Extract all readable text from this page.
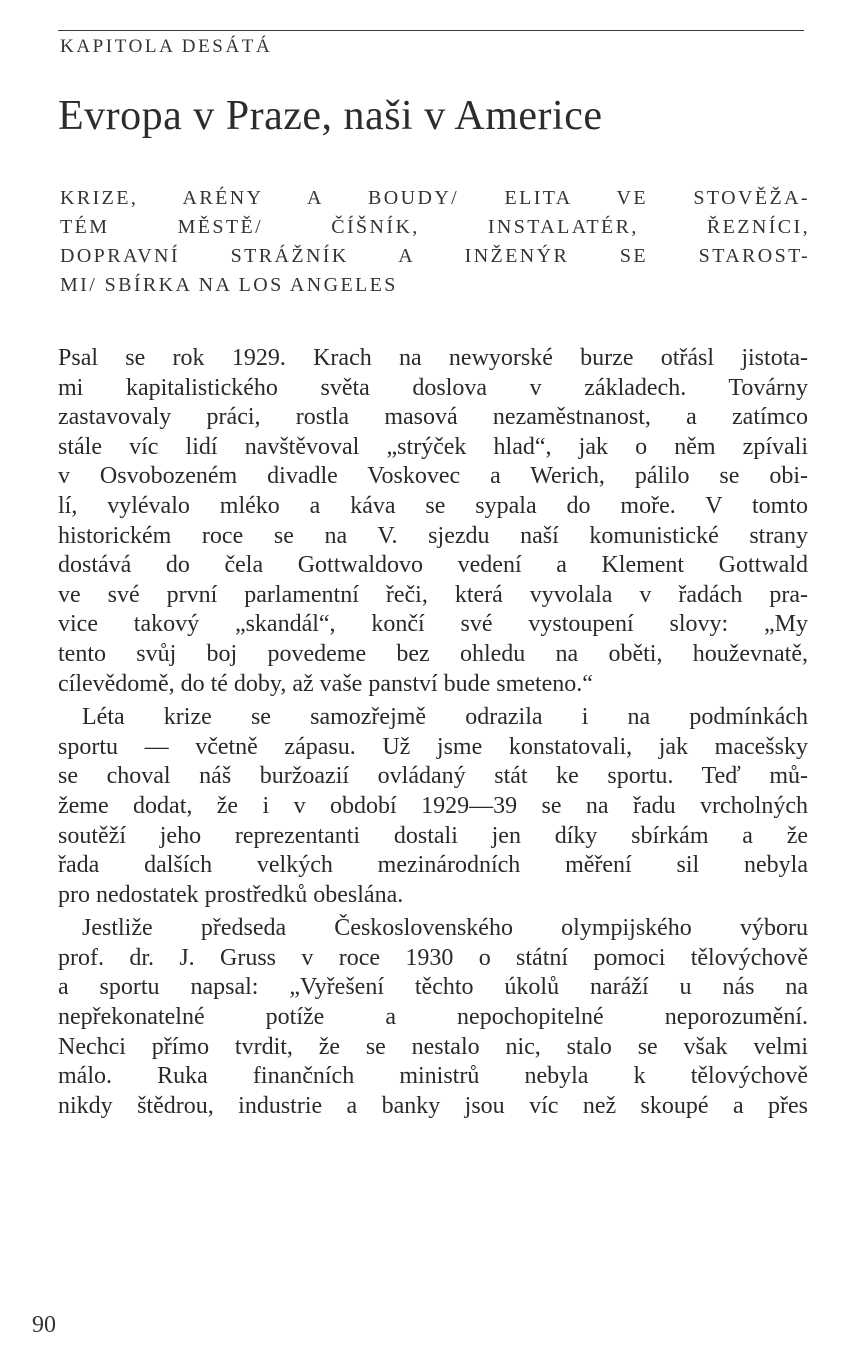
KAPITOLA DESÁTÁ
Evropa v Praze, naši v Americe
KRIZE, ARÉNY A BOUDY/ ELITA VE STOVĚŽA-
TÉM MĚSTĚ/ ČÍŠNÍK, INSTALATÉR, ŘEZNÍCI,
DOPRAVNÍ STRÁŽNÍK A INŽENÝR SE STAROST-
MI/ SBÍRKA NA LOS ANGELES
Psal se rok 1929. Krach na newyorské burze otřásl jistota-
mi kapitalistického světa doslova v základech. Továrny
zastavovaly práci, rostla masová nezaměstnanost, a zatímco
stále víc lidí navštěvoval „strýček hlad“, jak o něm zpívali
v Osvobozeném divadle Voskovec a Werich, pálilo se obi-
lí, vylévalo mléko a káva se sypala do moře. V tomto
historickém roce se na V. sjezdu naší komunistické strany
dostává do čela Gottwaldovo vedení a Klement Gottwald
ve své první parlamentní řeči, která vyvolala v řadách pra-
vice takový „skandál“, končí své vystoupení slovy: „My
tento svůj boj povedeme bez ohledu na oběti, houževnatě,
cílevědomě, do té doby, až vaše panství bude smeteno.“
Léta krize se samozřejmě odrazila i na podmínkách
sportu — včetně zápasu. Už jsme konstatovali, jak macešsky
se choval náš buržoazií ovládaný stát ke sportu. Teď mů-
žeme dodat, že i v období 1929—39 se na řadu vrcholných
soutěží jeho reprezentanti dostali jen díky sbírkám a že
řada dalších velkých mezinárodních měření sil nebyla
pro nedostatek prostředků obeslána.
Jestliže předseda Československého olympijského výboru
prof. dr. J. Gruss v roce 1930 o státní pomoci tělovýchově
a sportu napsal: „Vyřešení těchto úkolů naráží u nás na
nepřekonatelné potíže a nepochopitelné neporozumění.
Nechci přímo tvrdit, že se nestalo nic, stalo se však velmi
málo. Ruka finančních ministrů nebyla k tělovýchově
nikdy štědrou, industrie a banky jsou víc než skoupé a přes
90
